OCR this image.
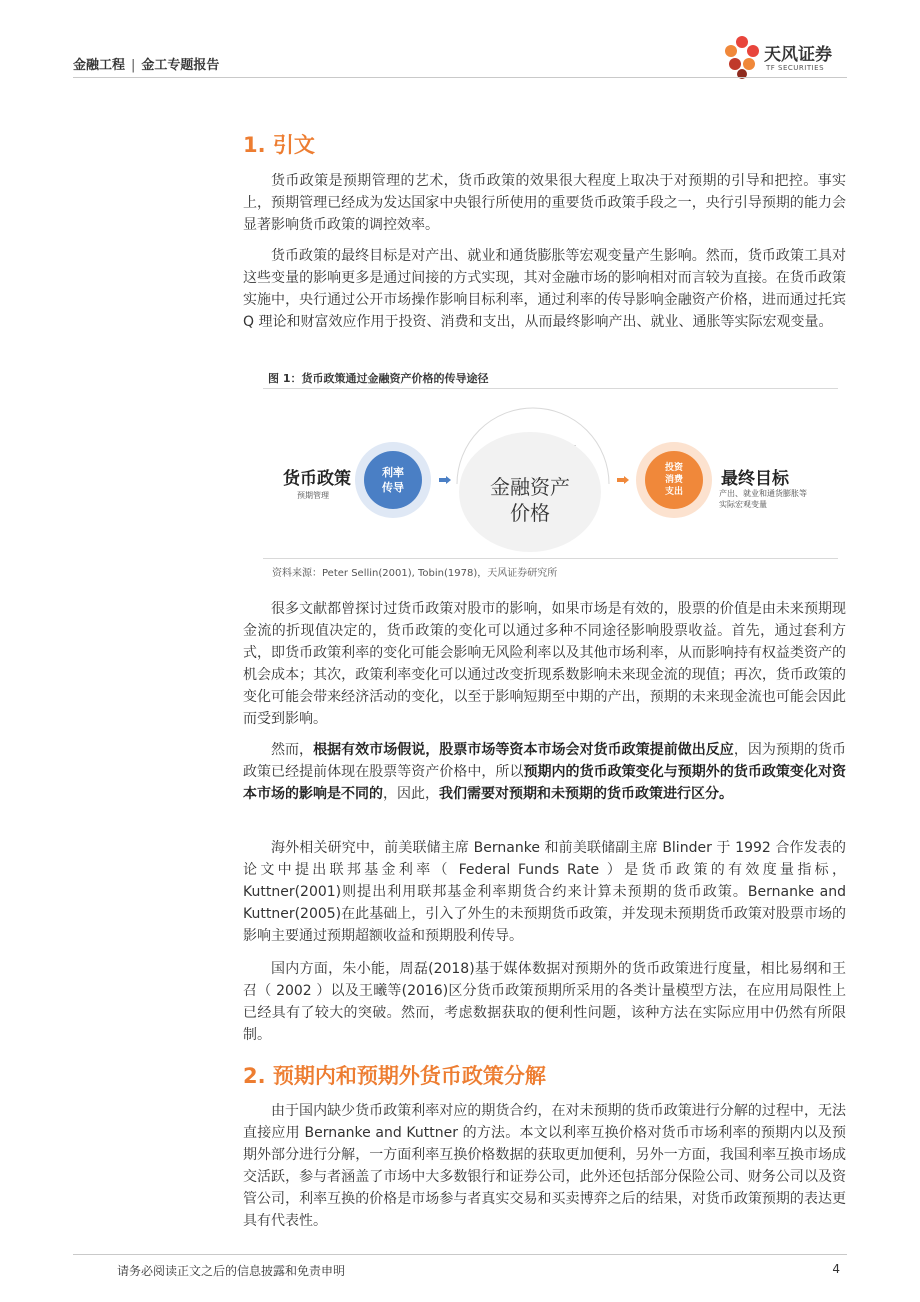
金融工程 | 金工专题报告
天风证券
TF SECURITIES
1. 引文

货币政策是预期管理的艺术，货币政策的效果很大程度上取决于对预期的引导和把控。事实上，预期管理已经成为发达国家中央银行所使用的重要货币政策手段之一，央行引导预期的能力会显著影响货币政策的调控效率。

货币政策的最终目标是对产出、就业和通货膨胀等宏观变量产生影响。然而，货币政策工具对这些变量的影响更多是通过间接的方式实现，其对金融市场的影响相对而言较为直接。在货币政策实施中，央行通过公开市场操作影响目标利率，通过利率的传导影响金融资产价格，进而通过托宾 Q 理论和财富效应作用于投资、消费和支出，从而最终影响产出、就业、通胀等实际宏观变量。

图 1：货币政策通过金融资产价格的传导途径
货币政策
预期管理
利率
传导	金融资产
价格
投资
消费
支出
最终目标
产出、就业和通货膨胀等
实际宏观变量
资料来源：Peter Sellin(2001), Tobin(1978)，天风证券研究所

很多文献都曾探讨过货币政策对股市的影响，如果市场是有效的，股票的价值是由未来预期现金流的折现值决定的，货币政策的变化可以通过多种不同途径影响股票收益。首先，通过套利方式，即货币政策利率的变化可能会影响无风险利率以及其他市场利率，从而影响持有权益类资产的机会成本；其次，政策利率变化可以通过改变折现系数影响未来现金流的现值；再次，货币政策的变化可能会带来经济活动的变化，以至于影响短期至中期的产出，预期的未来现金流也可能会因此而受到影响。

然而，根据有效市场假说，股票市场等资本市场会对货币政策提前做出反应，因为预期的货币政策已经提前体现在股票等资产价格中，所以预期内的货币政策变化与预期外的货币政策变化对资本市场的影响是不同的，因此，我们需要对预期和未预期的货币政策进行区分。

海外相关研究中，前美联储主席 Bernanke 和前美联储副主席 Blinder 于 1992 合作发表的论文中提出联邦基金利率（ Federal Funds Rate ）是货币政策的有效度量指标，Kuttner(2001)则提出利用联邦基金利率期货合约来计算未预期的货币政策。Bernanke and Kuttner(2005)在此基础上，引入了外生的未预期货币政策，并发现未预期货币政策对股票市场的影响主要通过预期超额收益和预期股利传导。

国内方面，朱小能，周磊(2018)基于媒体数据对预期外的货币政策进行度量，相比易纲和王召（ 2002 ）以及王曦等(2016)区分货币政策预期所采用的各类计量模型方法，在应用局限性上已经具有了较大的突破。然而，考虑数据获取的便利性问题，该种方法在实际应用中仍然有所限制。

2. 预期内和预期外货币政策分解

由于国内缺少货币政策利率对应的期货合约，在对未预期的货币政策进行分解的过程中，无法直接应用 Bernanke and Kuttner 的方法。本文以利率互换价格对货币市场利率的预期内以及预期外部分进行分解，一方面利率互换价格数据的获取更加便利，另外一方面，我国利率互换市场成交活跃，参与者涵盖了市场中大多数银行和证券公司，此外还包括部分保险公司、财务公司以及资管公司，利率互换的价格是市场参与者真实交易和买卖博弈之后的结果，对货币政策预期的表达更具有代表性。

请务必阅读正文之后的信息披露和免责申明	4
